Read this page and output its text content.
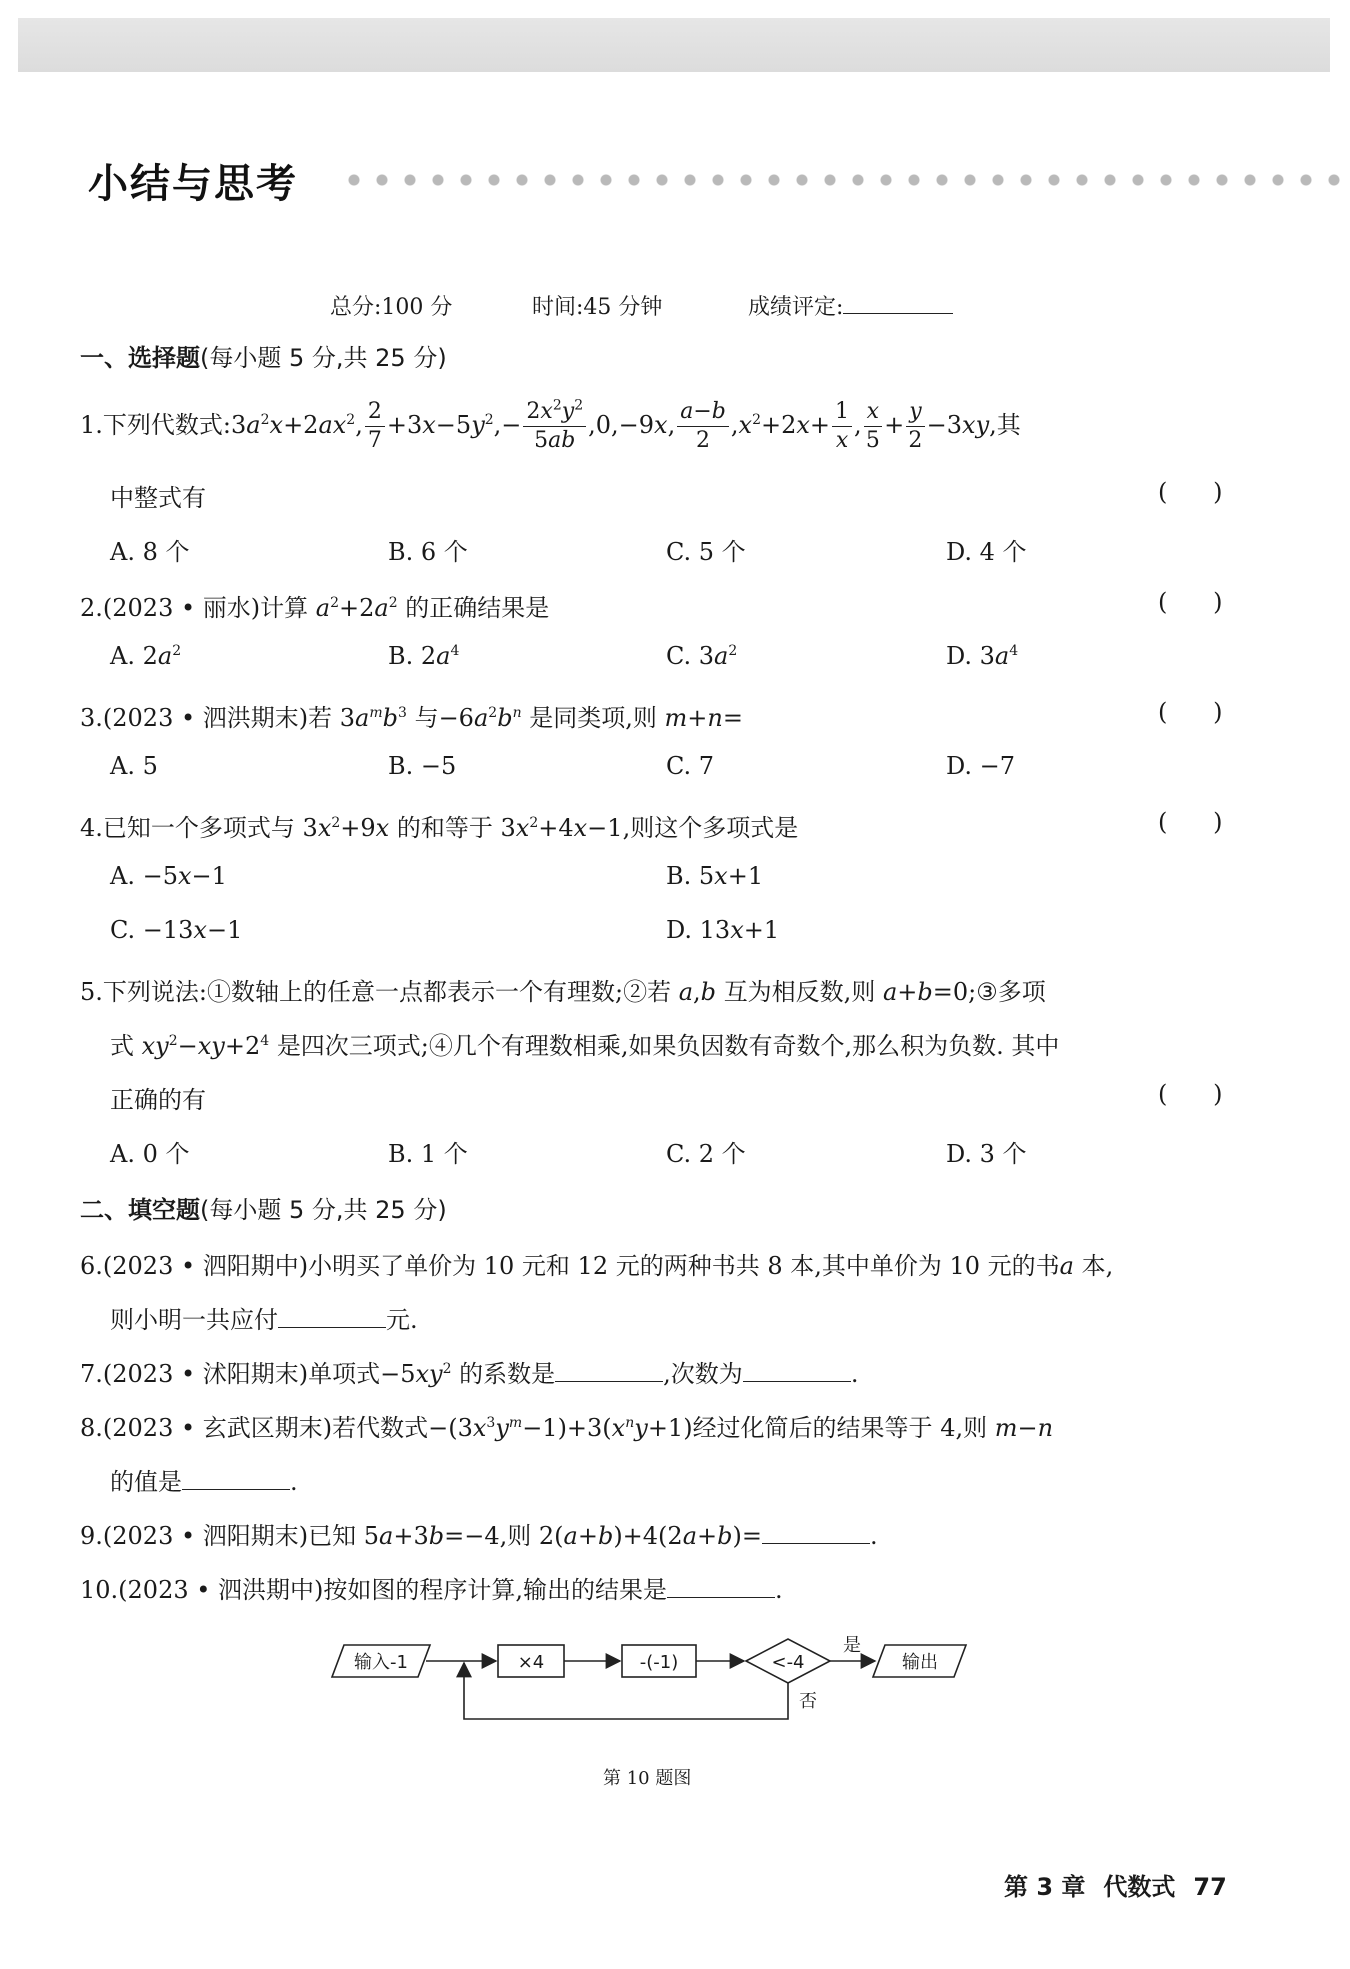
小结与思考
总分:100 分	时间:45 分钟	成绩评定:
一、选择题(每小题 5 分,共 25 分)
1.下列代数式$:3a^2x+2ax^2$, $\frac{2}{7} +3x-5y^2,- \frac{2x^2y^2}{5ab} ,0,-9x$, $\frac{a-b}{2} ,x^2+2x+ \frac{1}{x}$ , $\frac{x}{5} + \frac{y}{2} -3xy$,其
中整式有	(      )
A. 8 个	B. 6 个	C. 5 个	D. 4 个
2.(2023 • 丽水)计算 $a^2+2a^2$ 的正确结果是	(      )
A. $2a^2$	B. $2a^4$	C. $3a^2$	D. $3a^4$
3.(2023 • 泗洪期末)若 $3a^mb^3$ 与$-6a^2b^n$ 是同类项,则 m+n=	(      )
A. 5	B. −5	C. 7	D. −7
4.已知一个多项式与 $3x^2+9x$ 的和等于 $3x^2+4x-1$,则这个多项式是	(      )
A. −5x−1	B. 5x+1
C. −13x−1	D. 13x+1
5.下列说法:①数轴上的任意一点都表示一个有理数;②若 a,b 互为相反数,则 a+b=0;③多项
式 $xy^2-xy+2^4$ 是四次三项式;④几个有理数相乘,如果负因数有奇数个,那么积为负数. 其中
正确的有	(      )
A. 0 个	B. 1 个	C. 2 个	D. 3 个
二、填空题(每小题 5 分,共 25 分)
6.(2023 • 泗阳期中)小明买了单价为 10 元和 12 元的两种书共 8 本,其中单价为 10 元的书a 本,
则小明一共应付	元.
7.(2023 • 沭阳期末)单项式$-5xy^2$ 的系数是	,次数为	.
8.(2023 • 玄武区期末)若代数式$-(3x^3y^m-1)+3(x^ny+1)$经过化简后的结果等于 4,则 m−n
的值是	.
9.(2023 • 泗阳期末)已知 5a+3b=−4,则 2(a+b)+4(2a+b)=	.
10.(2023 • 泗洪期中)按如图的程序计算,输出的结果是	.
输入-1	×4	-(-1)	<-4	输出
是
否
第 10 题图
第 3 章 代数式 77
